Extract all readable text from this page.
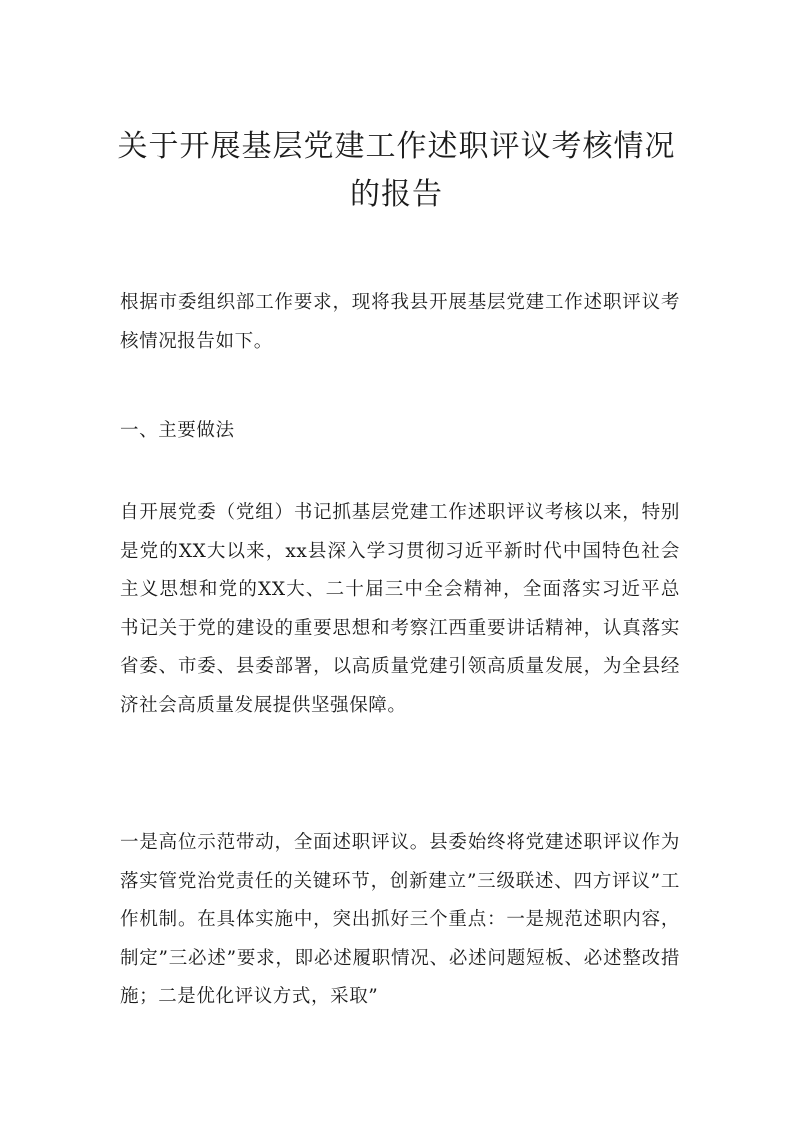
关于开展基层党建工作述职评议考核情况
的报告

根据市委组织部工作要求，现将我县开展基层党建工作述职评议考核情况报告如下。

一、主要做法

自开展党委（党组）书记抓基层党建工作述职评议考核以来，特别是党的XX大以来，xx县深入学习贯彻习近平新时代中国特色社会主义思想和党的XX大、二十届三中全会精神，全面落实习近平总书记关于党的建设的重要思想和考察江西重要讲话精神，认真落实省委、市委、县委部署，以高质量党建引领高质量发展，为全县经济社会高质量发展提供坚强保障。

一是高位示范带动，全面述职评议。县委始终将党建述职评议作为落实管党治党责任的关键环节，创新建立”三级联述、四方评议”工作机制。在具体实施中，突出抓好三个重点：一是规范述职内容，制定”三必述”要求，即必述履职情况、必述问题短板、必述整改措施；二是优化评议方式，采取”
